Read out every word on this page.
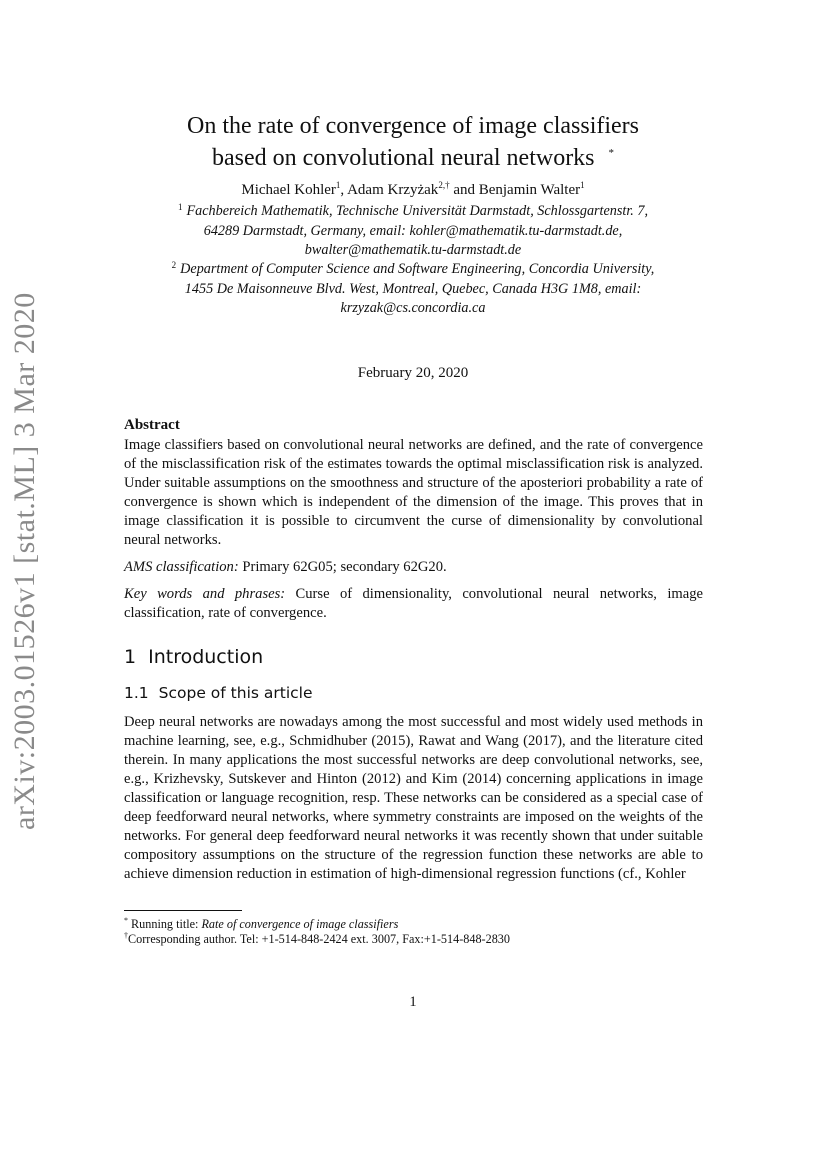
arXiv:2003.01526v1 [stat.ML] 3 Mar 2020
On the rate of convergence of image classifiers
based on convolutional neural networks *
Michael Kohler$^1$, Adam Krzyżak$^{2,\dagger}$ and Benjamin Walter$^1$
$^1$ Fachbereich Mathematik, Technische Universität Darmstadt, Schlossgartenstr. 7,
64289 Darmstadt, Germany, email: kohler@mathematik.tu-darmstadt.de,
bwalter@mathematik.tu-darmstadt.de
$^2$ Department of Computer Science and Software Engineering, Concordia University,
1455 De Maisonneuve Blvd. West, Montreal, Quebec, Canada H3G 1M8, email:
krzyzak@cs.concordia.ca
February 20, 2020
Abstract
Image classifiers based on convolutional neural networks are defined, and the rate of convergence of the misclassification risk of the estimates towards the optimal misclassification risk is analyzed. Under suitable assumptions on the smoothness and structure of the aposteriori probability a rate of convergence is shown which is independent of the dimension of the image. This proves that in image classification it is possible to circumvent the curse of dimensionality by convolutional neural networks.
AMS classification: Primary 62G05; secondary 62G20.
Key words and phrases: Curse of dimensionality, convolutional neural networks, image classification, rate of convergence.
1 Introduction
1.1 Scope of this article
Deep neural networks are nowadays among the most successful and most widely used methods in machine learning, see, e.g., Schmidhuber (2015), Rawat and Wang (2017), and the literature cited therein. In many applications the most successful networks are deep convolutional networks, see, e.g., Krizhevsky, Sutskever and Hinton (2012) and Kim (2014) concerning applications in image classification or language recognition, resp. These networks can be considered as a special case of deep feedforward neural networks, where symmetry constraints are imposed on the weights of the networks. For general deep feedforward neural networks it was recently shown that under suitable compository assumptions on the structure of the regression function these networks are able to achieve dimension reduction in estimation of high-dimensional regression functions (cf., Kohler
* Running title: Rate of convergence of image classifiers
†Corresponding author. Tel: +1-514-848-2424 ext. 3007, Fax:+1-514-848-2830
1
